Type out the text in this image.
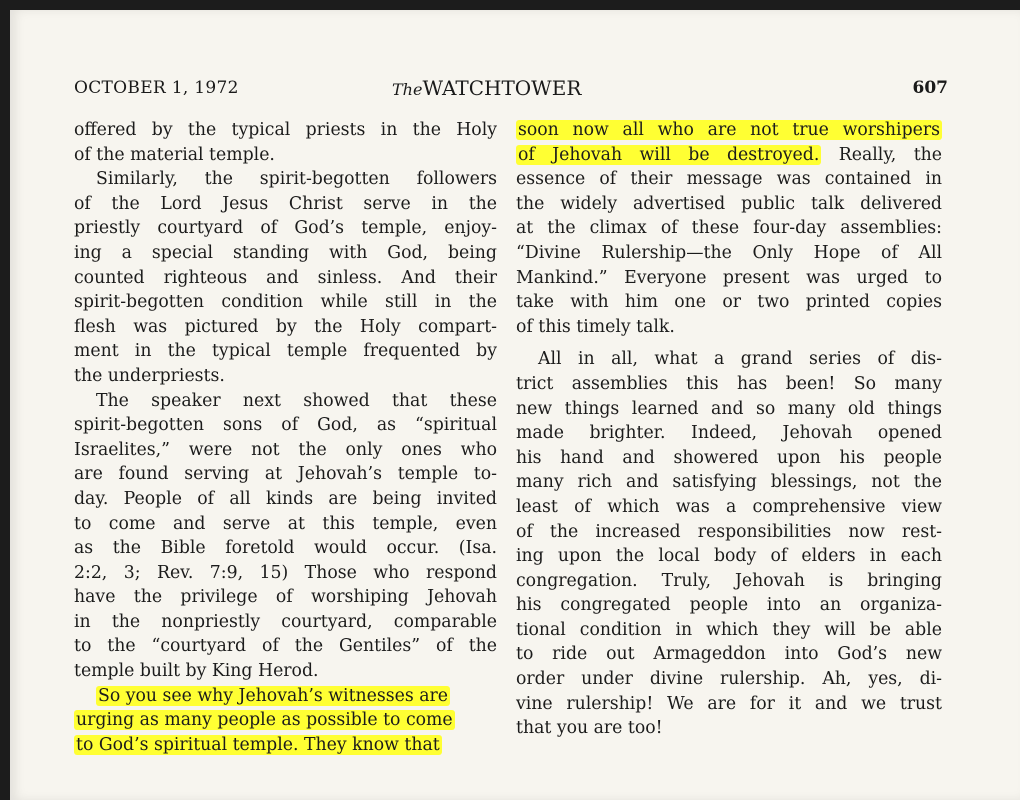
OCTOBER 1, 1972	TheWATCHTOWER	607
offered by the typical priests in the Holy
of the material temple.
Similarly, the spirit-begotten followers
of the Lord Jesus Christ serve in the
priestly courtyard of God’s temple, enjoy-
ing a special standing with God, being
counted righteous and sinless. And their
spirit-begotten condition while still in the
flesh was pictured by the Holy compart-
ment in the typical temple frequented by
the underpriests.
The speaker next showed that these
spirit-begotten sons of God, as “spiritual
Israelites,” were not the only ones who
are found serving at Jehovah’s temple to-
day. People of all kinds are being invited
to come and serve at this temple, even
as the Bible foretold would occur. (Isa.
2:2, 3; Rev. 7:9, 15) Those who respond
have the privilege of worshiping Jehovah
in the nonpriestly courtyard, comparable
to the “courtyard of the Gentiles” of the
temple built by King Herod.
So you see why Jehovah’s witnesses are
urging as many people as possible to come
to God’s spiritual temple. They know that
soon now all who are not true worshipers
of Jehovah will be destroyed. Really, the
essence of their message was contained in
the widely advertised public talk delivered
at the climax of these four-day assemblies:
“Divine Rulership—the Only Hope of All
Mankind.” Everyone present was urged to
take with him one or two printed copies
of this timely talk.
All in all, what a grand series of dis-
trict assemblies this has been! So many
new things learned and so many old things
made brighter. Indeed, Jehovah opened
his hand and showered upon his people
many rich and satisfying blessings, not the
least of which was a comprehensive view
of the increased responsibilities now rest-
ing upon the local body of elders in each
congregation. Truly, Jehovah is bringing
his congregated people into an organiza-
tional condition in which they will be able
to ride out Armageddon into God’s new
order under divine rulership. Ah, yes, di-
vine rulership! We are for it and we trust
that you are too!
